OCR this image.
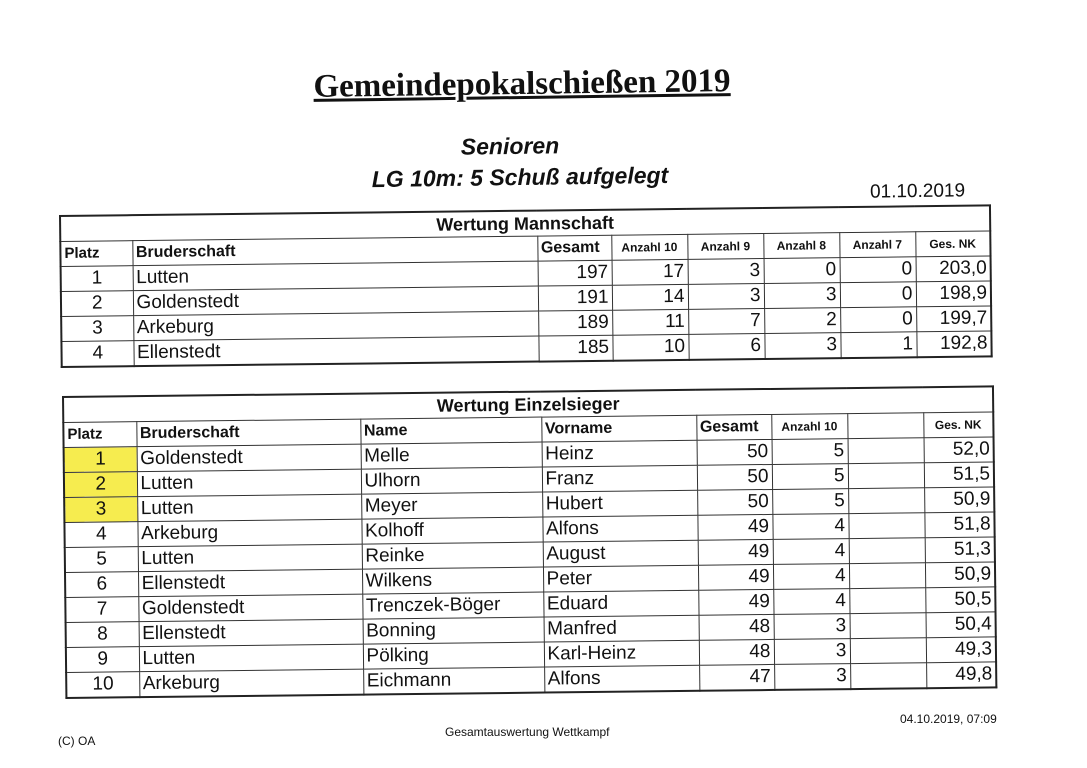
Gemeindepokalschießen 2019
Senioren
LG 10m: 5 Schuß aufgelegt	01.10.2019
Wertung Mannschaft							
Platz	Bruderschaft	Gesamt	Anzahl 10	Anzahl 9	Anzahl 8	Anzahl 7	Ges. NK
1	Lutten	197	17	3	0	0	203,0
2	Goldenstedt	191	14	3	3	0	198,9
3	Arkeburg	189	11	7	2	0	199,7
4	Ellenstedt	185	10	6	3	1	192,8
Wertung Einzelsieger							
Platz	Bruderschaft	Name	Vorname	Gesamt	Anzahl 10		Ges. NK
1	Goldenstedt	Melle	Heinz	50	5		52,0
2	Lutten	Ulhorn	Franz	50	5		51,5
3	Lutten	Meyer	Hubert	50	5		50,9
4	Arkeburg	Kolhoff	Alfons	49	4		51,8
5	Lutten	Reinke	August	49	4		51,3
6	Ellenstedt	Wilkens	Peter	49	4		50,9
7	Goldenstedt	Trenczek-Böger	Eduard	49	4		50,5
8	Ellenstedt	Bonning	Manfred	48	3		50,4
9	Lutten	Pölking	Karl-Heinz	48	3		49,3
10	Arkeburg	Eichmann	Alfons	47	3		49,8
(C) OA
Gesamtauswertung Wettkampf
04.10.2019, 07:09
